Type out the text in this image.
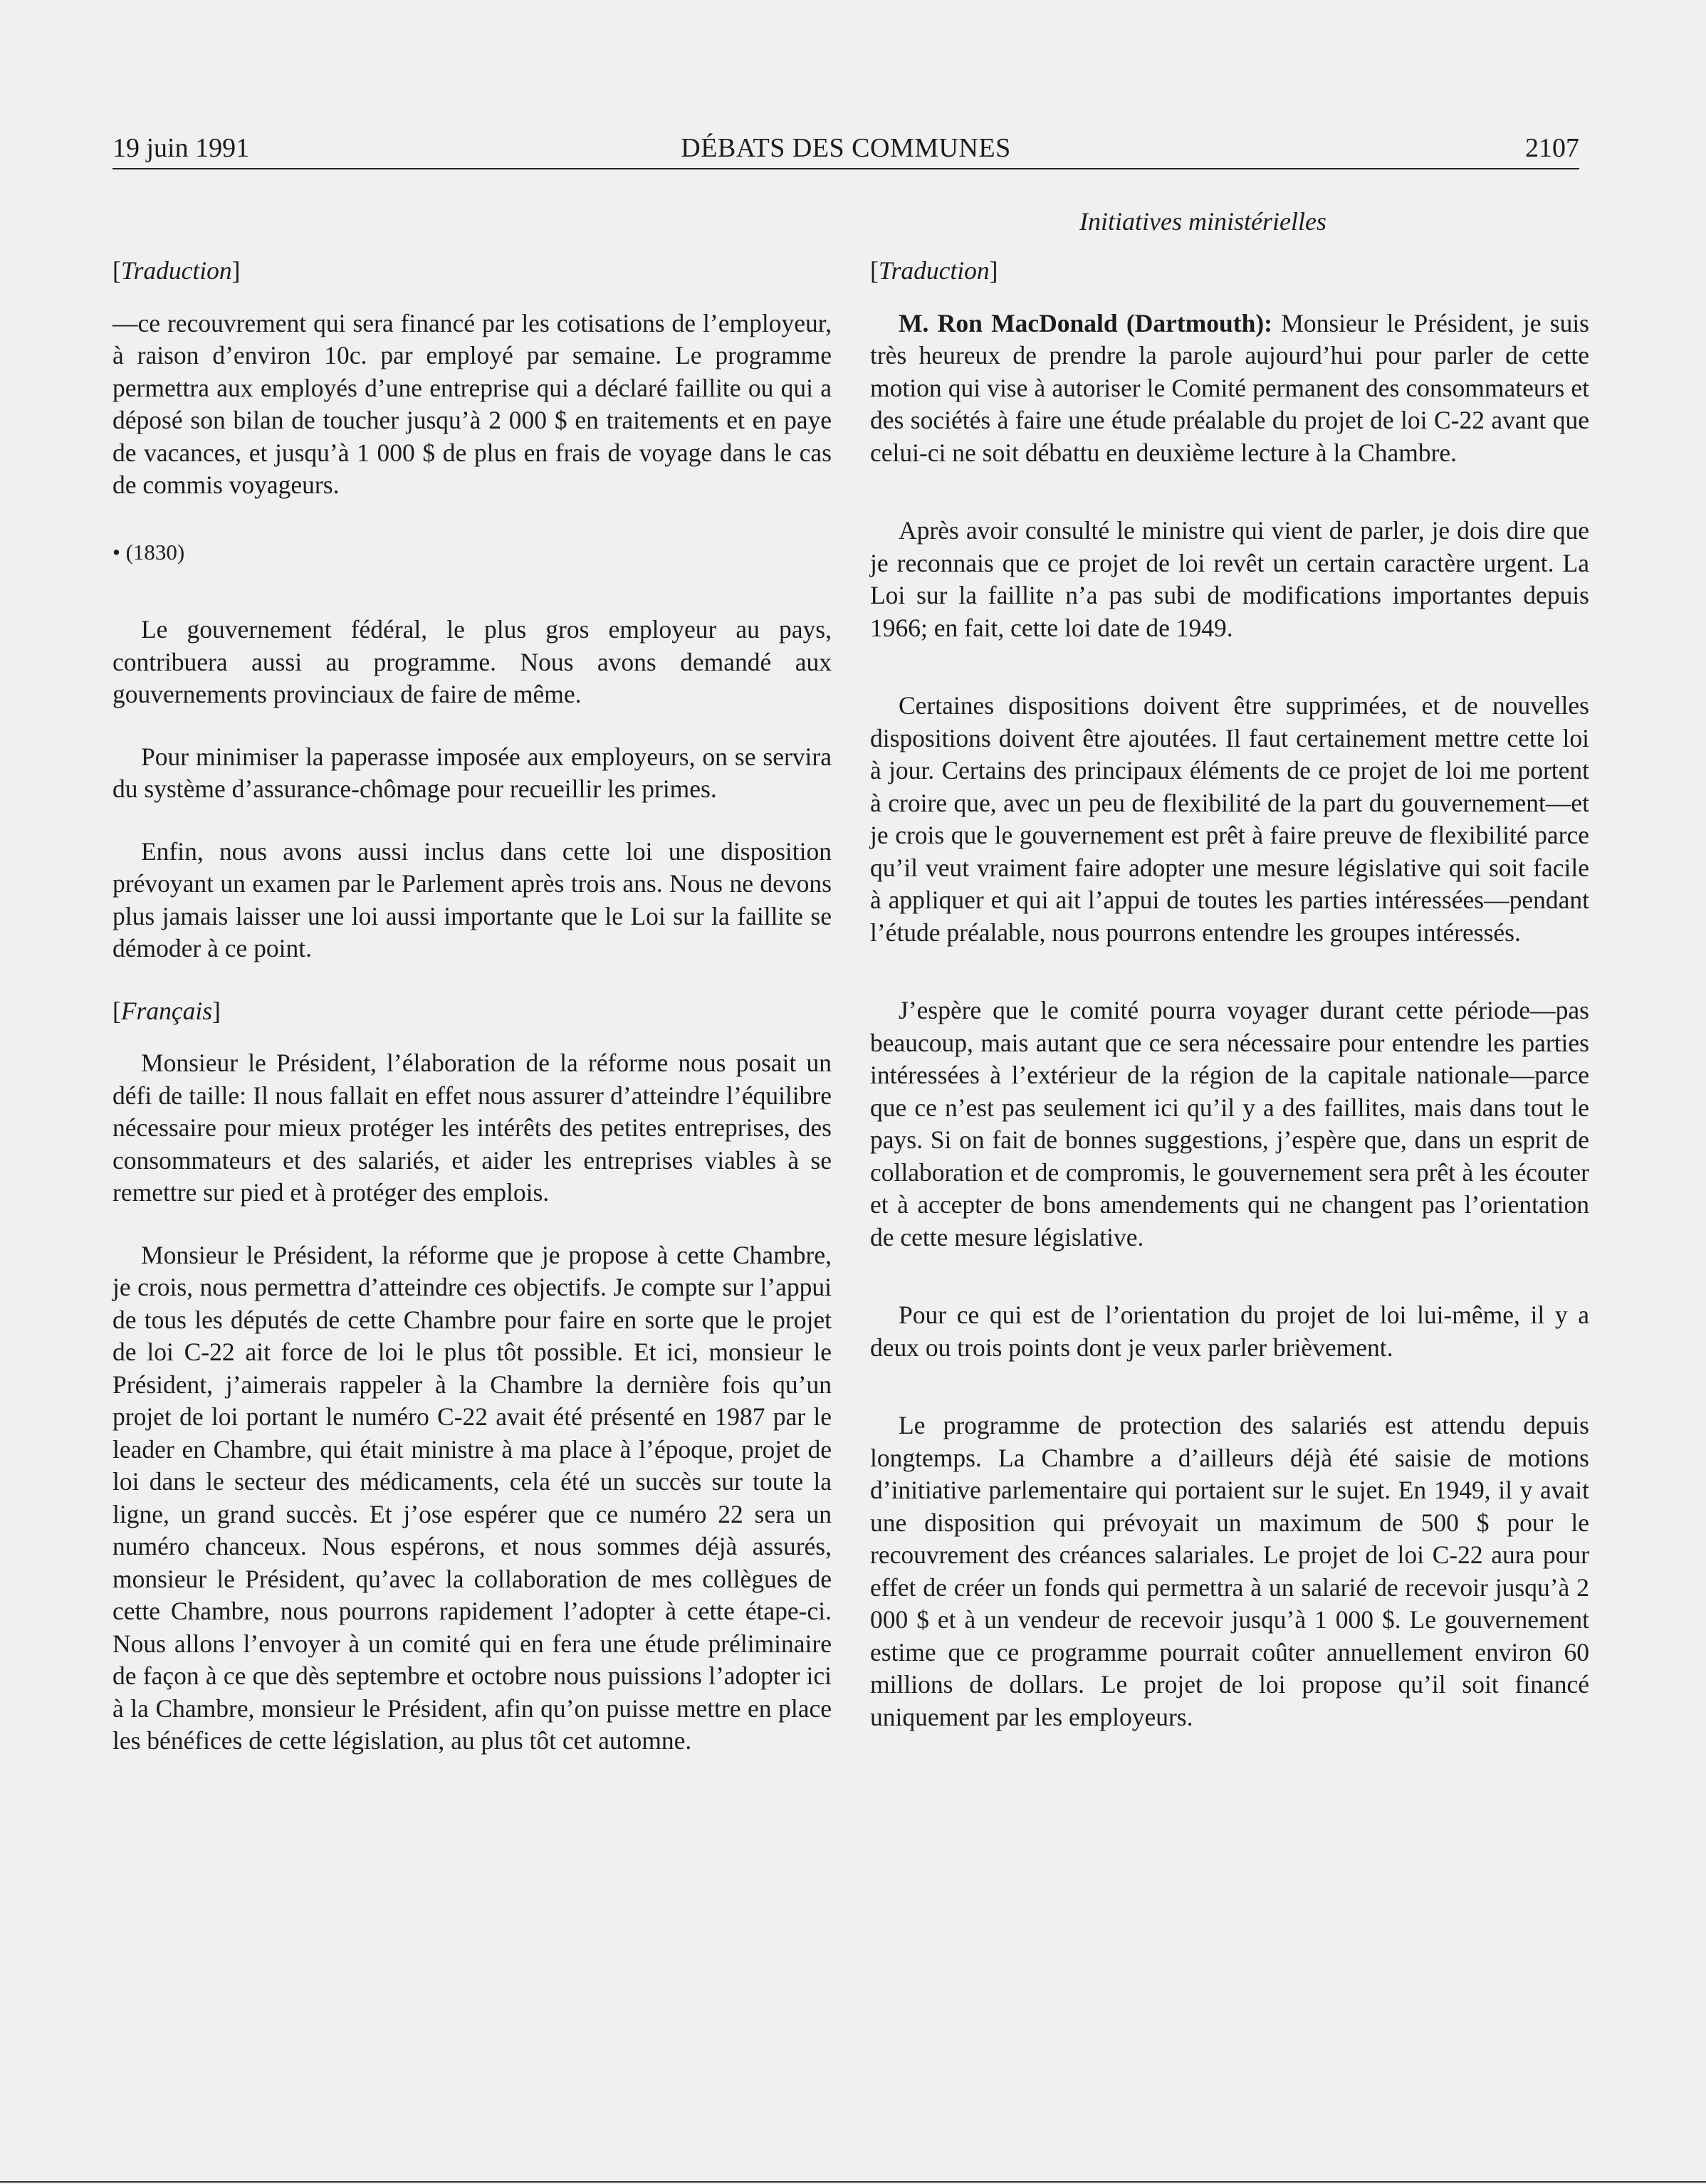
19 juin 1991	DÉBATS DES COMMUNES	2107
Initiatives ministérielles

[Traduction]

—ce recouvrement qui sera financé par les cotisations de l’employeur, à raison d’environ 10c. par employé par semaine. Le programme permettra aux employés d’une entreprise qui a déclaré faillite ou qui a déposé son bilan de toucher jusqu’à 2 000 $ en traitements et en paye de vacances, et jusqu’à 1 000 $ de plus en frais de voyage dans le cas de commis voyageurs.

• (1830)

Le gouvernement fédéral, le plus gros employeur au pays, contribuera aussi au programme. Nous avons demandé aux gouvernements provinciaux de faire de même.

Pour minimiser la paperasse imposée aux employeurs, on se servira du système d’assurance-chômage pour recueillir les primes.

Enfin, nous avons aussi inclus dans cette loi une disposition prévoyant un examen par le Parlement après trois ans. Nous ne devons plus jamais laisser une loi aussi importante que le Loi sur la faillite se démoder à ce point.

[Français]

Monsieur le Président, l’élaboration de la réforme nous posait un défi de taille: Il nous fallait en effet nous assurer d’atteindre l’équilibre nécessaire pour mieux protéger les intérêts des petites entreprises, des consommateurs et des salariés, et aider les entreprises viables à se remettre sur pied et à protéger des emplois.

Monsieur le Président, la réforme que je propose à cette Chambre, je crois, nous permettra d’atteindre ces objectifs. Je compte sur l’appui de tous les députés de cette Chambre pour faire en sorte que le projet de loi C-22 ait force de loi le plus tôt possible. Et ici, monsieur le Président, j’aimerais rappeler à la Chambre la dernière fois qu’un projet de loi portant le numéro C-22 avait été présenté en 1987 par le leader en Chambre, qui était ministre à ma place à l’époque, projet de loi dans le secteur des médicaments, cela été un succès sur toute la ligne, un grand succès. Et j’ose espérer que ce numéro 22 sera un numéro chanceux. Nous espérons, et nous sommes déjà assurés, monsieur le Président, qu’avec la collaboration de mes collègues de cette Chambre, nous pourrons rapidement l’adopter à cette étape-ci. Nous allons l’envoyer à un comité qui en fera une étude préliminaire de façon à ce que dès septembre et octobre nous puissions l’adopter ici à la Chambre, monsieur le Président, afin qu’on puisse mettre en place les bénéfices de cette législation, au plus tôt cet automne.

[Traduction]

M. Ron MacDonald (Dartmouth): Monsieur le Président, je suis très heureux de prendre la parole aujourd’hui pour parler de cette motion qui vise à autoriser le Comité permanent des consommateurs et des sociétés à faire une étude préalable du projet de loi C-22 avant que celui-ci ne soit débattu en deuxième lecture à la Chambre.

Après avoir consulté le ministre qui vient de parler, je dois dire que je reconnais que ce projet de loi revêt un certain caractère urgent. La Loi sur la faillite n’a pas subi de modifications importantes depuis 1966; en fait, cette loi date de 1949.

Certaines dispositions doivent être supprimées, et de nouvelles dispositions doivent être ajoutées. Il faut certainement mettre cette loi à jour. Certains des principaux éléments de ce projet de loi me portent à croire que, avec un peu de flexibilité de la part du gouvernement—et je crois que le gouvernement est prêt à faire preuve de flexibilité parce qu’il veut vraiment faire adopter une mesure législative qui soit facile à appliquer et qui ait l’appui de toutes les parties intéressées—pendant l’étude préalable, nous pourrons entendre les groupes intéressés.

J’espère que le comité pourra voyager durant cette période—pas beaucoup, mais autant que ce sera nécessaire pour entendre les parties intéressées à l’extérieur de la région de la capitale nationale—parce que ce n’est pas seulement ici qu’il y a des faillites, mais dans tout le pays. Si on fait de bonnes suggestions, j’espère que, dans un esprit de collaboration et de compromis, le gouvernement sera prêt à les écouter et à accepter de bons amendements qui ne changent pas l’orientation de cette mesure législative.

Pour ce qui est de l’orientation du projet de loi lui-même, il y a deux ou trois points dont je veux parler brièvement.

Le programme de protection des salariés est attendu depuis longtemps. La Chambre a d’ailleurs déjà été saisie de motions d’initiative parlementaire qui portaient sur le sujet. En 1949, il y avait une disposition qui prévoyait un maximum de 500 $ pour le recouvrement des créances salariales. Le projet de loi C-22 aura pour effet de créer un fonds qui permettra à un salarié de recevoir jusqu’à 2 000 $ et à un vendeur de recevoir jusqu’à 1 000 $. Le gouvernement estime que ce programme pourrait coûter annuellement environ 60 millions de dollars. Le projet de loi propose qu’il soit financé uniquement par les employeurs.
